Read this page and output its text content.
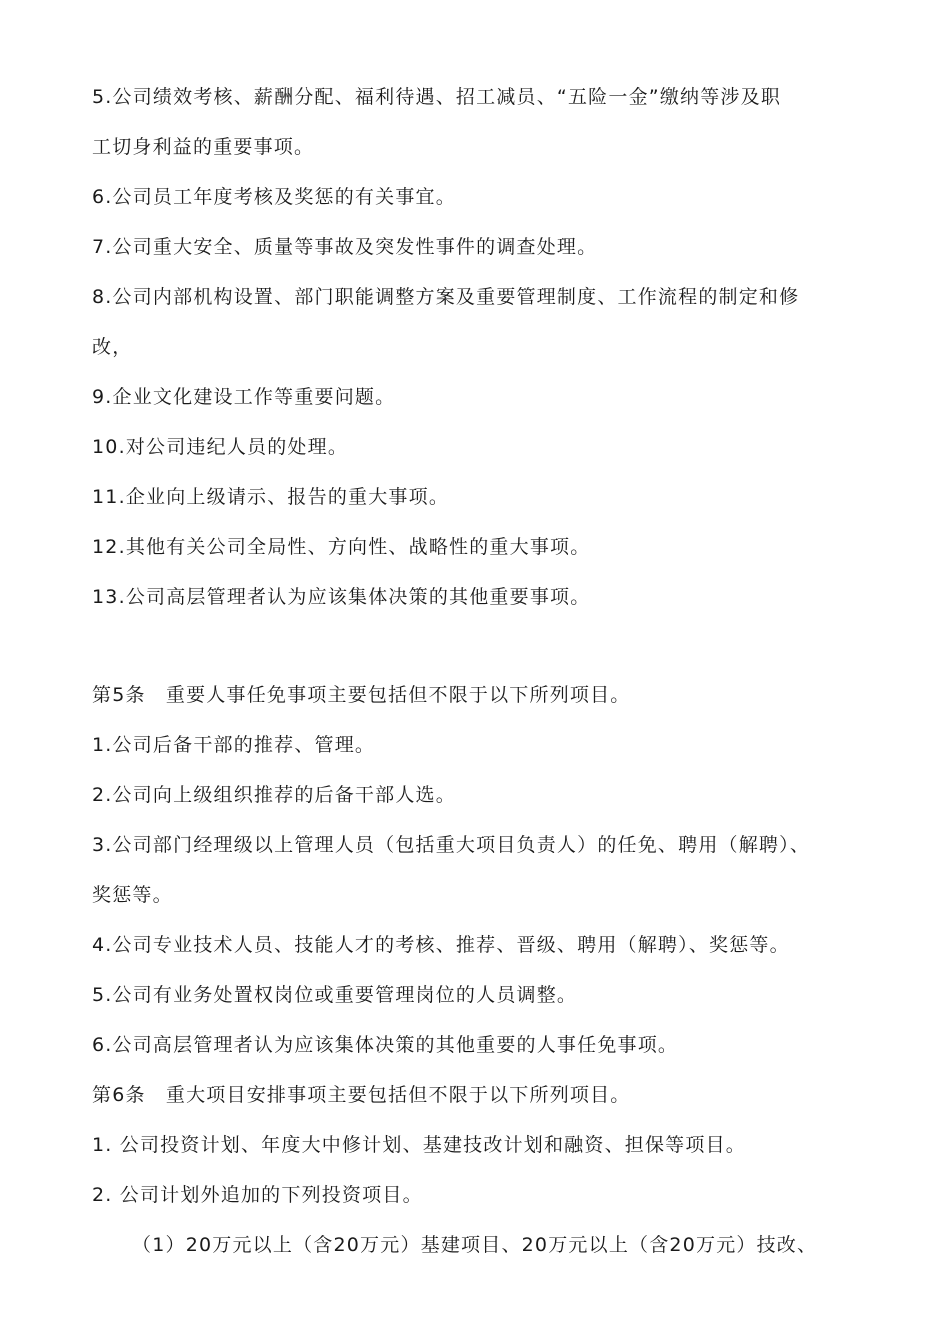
5.公司绩效考核、薪酬分配、福利待遇、招工减员、“五险一金”缴纳等涉及职
工切身利益的重要事项。
6.公司员工年度考核及奖惩的有关事宜。
7.公司重大安全、质量等事故及突发性事件的调查处理。
8.公司内部机构设置、部门职能调整方案及重要管理制度、工作流程的制定和修
改，
9.企业文化建设工作等重要问题。
10.对公司违纪人员的处理。
11.企业向上级请示、报告的重大事项。
12.其他有关公司全局性、方向性、战略性的重大事项。
13.公司高层管理者认为应该集体决策的其他重要事项。
第5条　重要人事任免事项主要包括但不限于以下所列项目。
1.公司后备干部的推荐、管理。
2.公司向上级组织推荐的后备干部人选。
3.公司部门经理级以上管理人员（包括重大项目负责人）的任免、聘用（解聘）、
奖惩等。
4.公司专业技术人员、技能人才的考核、推荐、晋级、聘用（解聘）、奖惩等。
5.公司有业务处置权岗位或重要管理岗位的人员调整。
6.公司高层管理者认为应该集体决策的其他重要的人事任免事项。
第6条　重大项目安排事项主要包括但不限于以下所列项目。
1. 公司投资计划、年度大中修计划、基建技改计划和融资、担保等项目。
2. 公司计划外追加的下列投资项目。
（1）20万元以上（含20万元）基建项目、20万元以上（含20万元）技改、
